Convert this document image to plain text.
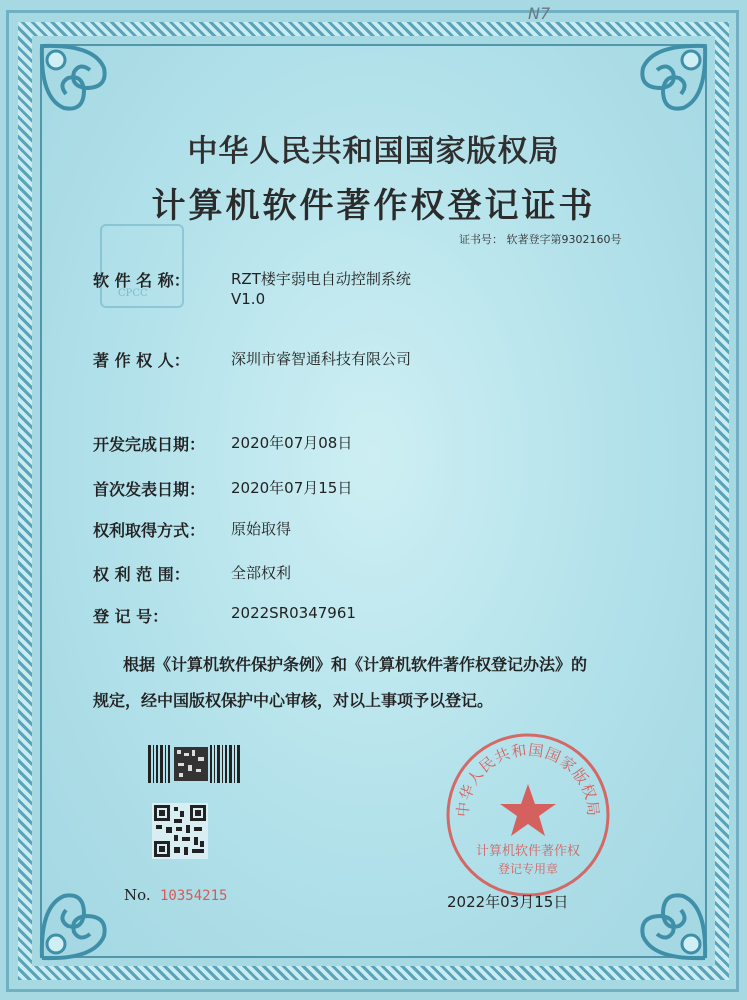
N7
中华人民共和国国家版权局
计算机软件著作权登记证书
证书号： 软著登字第9302160号
CPCC
软 件 名 称：	RZT楼宇弱电自动控制系统
V1.0
著 作 权 人：	深圳市睿智通科技有限公司
开发完成日期：	2020年07月08日
首次发表日期：	2020年07月15日
权利取得方式：	原始取得
权 利 范 围：	全部权利
登 记 号：	2022SR0347961
根据《计算机软件保护条例》和《计算机软件著作权登记办法》的
规定，经中国版权保护中心审核，对以上事项予以登记。
No. 10354215
中华人民共和国国家版权局
计算机软件著作权
登记专用章
2022年03月15日
